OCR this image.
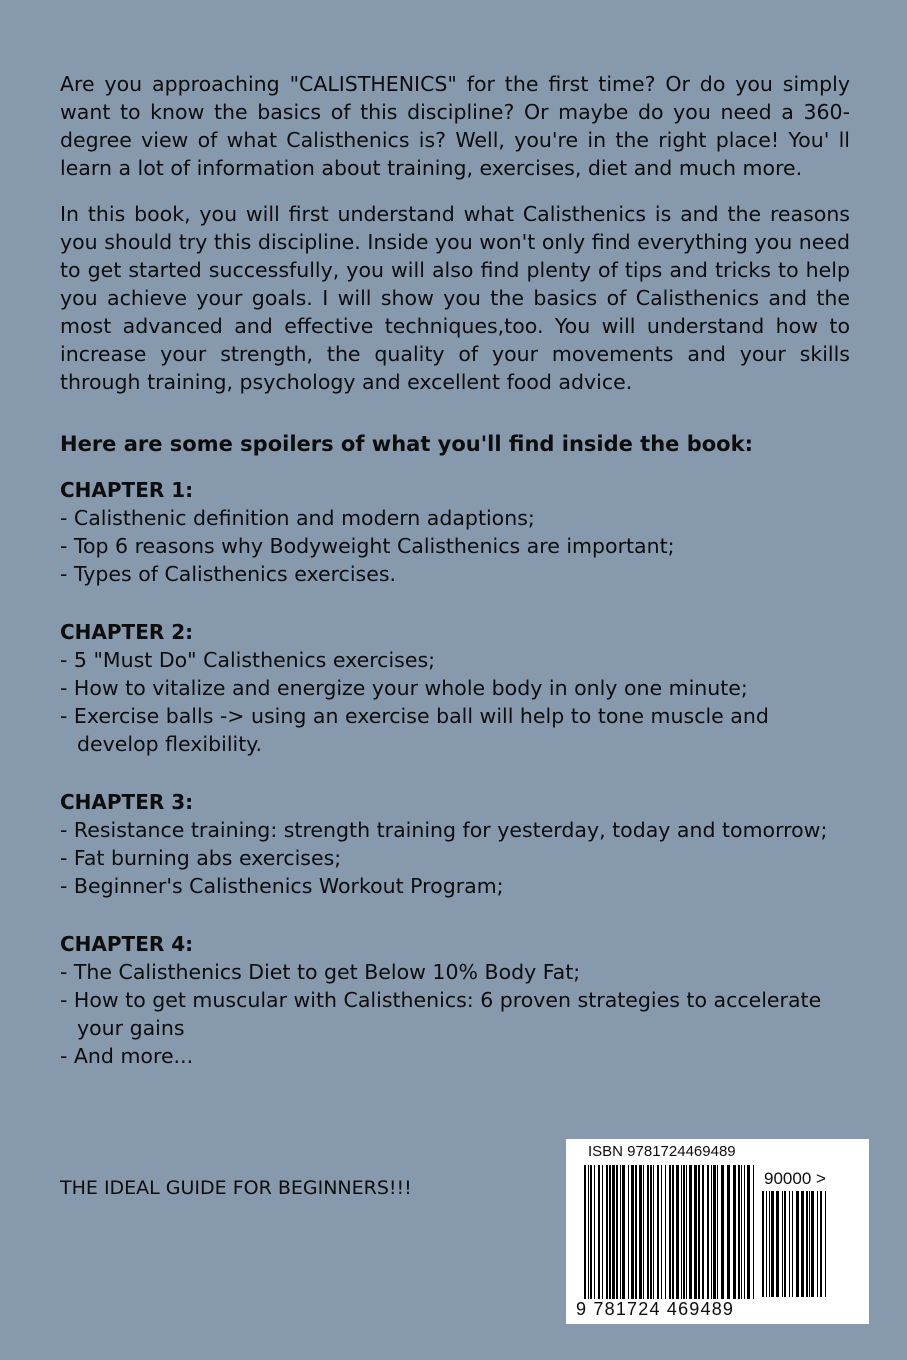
Are you approaching "CALISTHENICS" for the first time? Or do you simply want to know the basics of this discipline? Or maybe do you need a 360-degree view of what Calisthenics is? Well, you're in the right place! You' ll learn a lot of information about training, exercises, diet and much more.

In this book, you will first understand what Calisthenics is and the reasons you should try this discipline. Inside you won't only find everything you need to get started successfully, you will also find plenty of tips and tricks to help you achieve your goals. I will show you the basics of Calisthenics and the most advanced and effective techniques,too. You will understand how to increase your strength, the quality of your movements and your skills through training, psychology and excellent food advice.

Here are some spoilers of what you'll find inside the book:
CHAPTER 1:
- Calisthenic definition and modern adaptions;
- Top 6 reasons why Bodyweight Calisthenics are important;
- Types of Calisthenics exercises.
CHAPTER 2:
- 5 "Must Do" Calisthenics exercises;
- How to vitalize and energize your whole body in only one minute;
- Exercise balls -> using an exercise ball will help to tone muscle and develop flexibility.
CHAPTER 3:
- Resistance training: strength training for yesterday, today and tomorrow;
- Fat burning abs exercises;
- Beginner's Calisthenics Workout Program;
CHAPTER 4:
- The Calisthenics Diet to get Below 10% Body Fat;
- How to get muscular with Calisthenics: 6 proven strategies to accelerate your gains
- And more...
THE IDEAL GUIDE FOR BEGINNERS!!!
ISBN 9781724469489
90000 >
9 781724 469489
